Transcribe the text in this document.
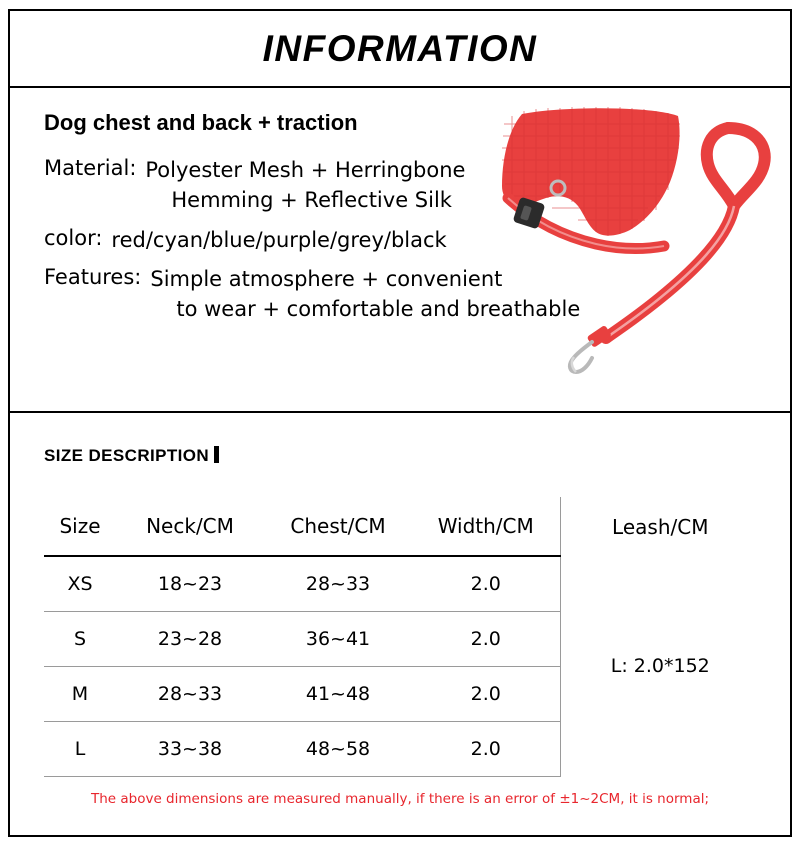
INFORMATION
Dog chest and back + traction
Material: Polyester Mesh + Herringbone
Hemming + Reflective Silk
color: red/cyan/blue/purple/grey/black
Features: Simple atmosphere + convenient
to wear + comfortable and breathable
SIZE DESCRIPTION
Size	Neck/CM	Chest/CM	Width/CM	Leash/CM
XS	18~23	28~33	2.0	L: 2.0*152
S	23~28	36~41	2.0	
M	28~33	41~48	2.0	
L	33~38	48~58	2.0	
The above dimensions are measured manually, if there is an error of ±1~2CM, it is normal;
